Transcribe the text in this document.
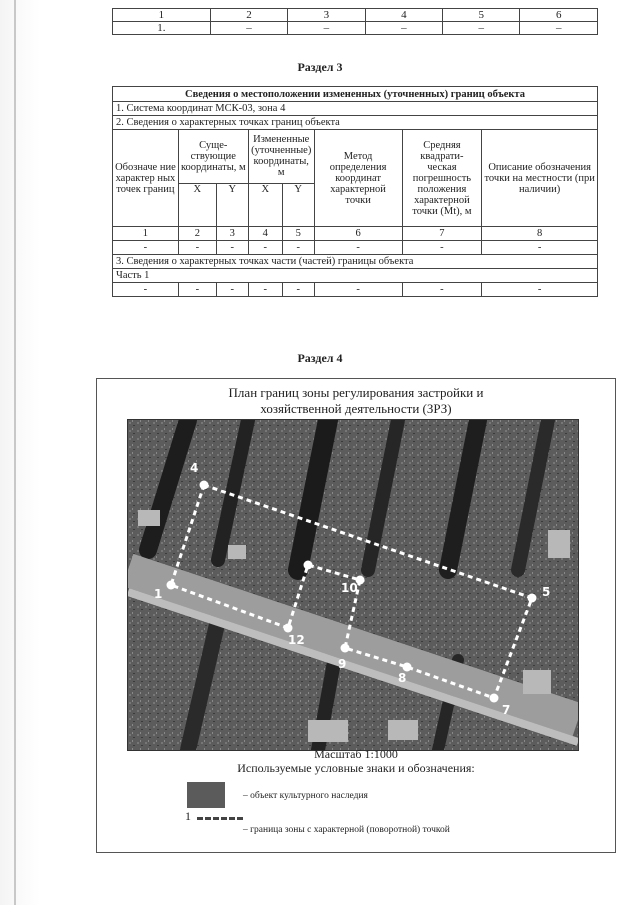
1	2	3	4	5	6
1.	–	–	–	–	–
Раздел 3
Сведения о местоположении измененных (уточненных) границ объекта							
1. Система координат МСК-03, зона 4							
2. Сведения о характерных точках границ объекта							
Обозначе ние характер ных точек границ	Суще- ствующие координаты, м		Измененные (уточненные) координаты, м		Метод определения координат характерной точки	Средняя квадрати- ческая погрешность положения характерной точки (Mt), м	Описание обозначения точки на местности (при наличии)
	X	Y	X	Y			
1	2	3	4	5	6	7	8
-	-	-	-	-	-	-	-
3. Сведения о характерных точках части (частей) границы объекта							
Часть 1							
-	-	-	-	-	-	-	-
Раздел 4
План границ зоны регулирования застройки и
хозяйственной деятельности (ЗРЗ)
1
4
5
7
8
9
10
12
Масштаб 1:1000
Используемые условные знаки и обозначения:
– объект культурного наследия
1
– граница зоны с характерной (поворотной) точкой
